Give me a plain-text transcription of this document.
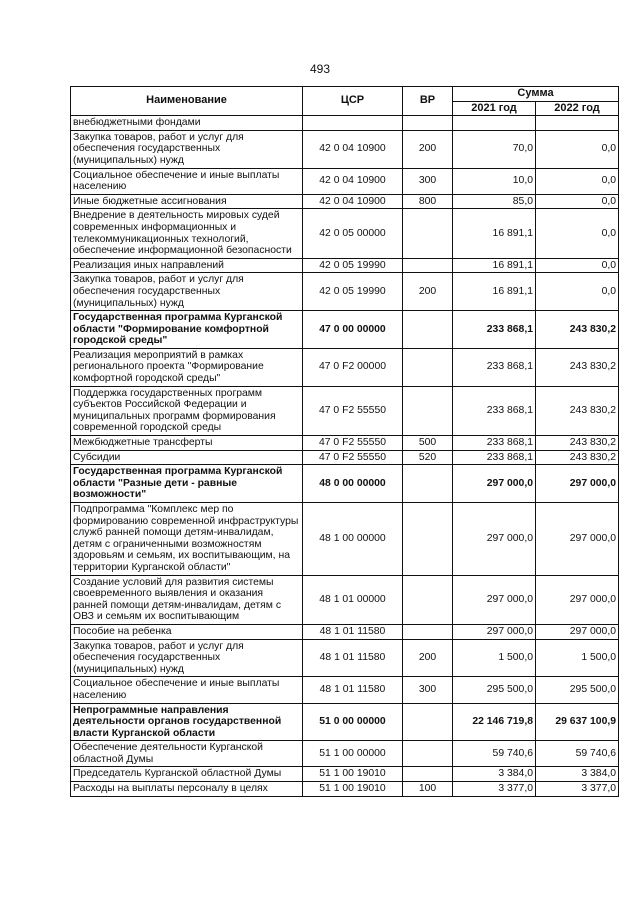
493
Наименование	ЦСР	ВР	Сумма	
			2021 год	2022 год
внебюджетными фондами				
Закупка товаров, работ и услуг для обеспечения государственных (муниципальных) нужд	42 0 04 10900	200	70,0	0,0
Социальное обеспечение и иные выплаты населению	42 0 04 10900	300	10,0	0,0
Иные бюджетные ассигнования	42 0 04 10900	800	85,0	0,0
Внедрение в деятельность мировых судей современных информационных и телекоммуникационных технологий, обеспечение информационной безопасности	42 0 05 00000		16 891,1	0,0
Реализация иных направлений	42 0 05 19990		16 891,1	0,0
Закупка товаров, работ и услуг для обеспечения государственных (муниципальных) нужд	42 0 05 19990	200	16 891,1	0,0
Государственная программа Курганской области "Формирование комфортной городской среды"	47 0 00 00000		233 868,1	243 830,2
Реализация мероприятий в рамках регионального проекта "Формирование комфортной городской среды"	47 0 F2 00000		233 868,1	243 830,2
Поддержка государственных программ субъектов Российской Федерации и муниципальных программ формирования современной городской среды	47 0 F2 55550		233 868,1	243 830,2
Межбюджетные трансферты	47 0 F2 55550	500	233 868,1	243 830,2
Субсидии	47 0 F2 55550	520	233 868,1	243 830,2
Государственная программа Курганской области "Разные дети - равные возможности"	48 0 00 00000		297 000,0	297 000,0
Подпрограмма "Комплекс мер по формированию современной инфраструктуры служб ранней помощи детям-инвалидам, детям с ограниченными возможностям здоровьям и семьям, их воспитывающим, на территории Курганской области"	48 1 00 00000		297 000,0	297 000,0
Создание условий для развития системы своевременного выявления и оказания ранней помощи детям-инвалидам, детям с ОВЗ и семьям их воспитывающим	48 1 01 00000		297 000,0	297 000,0
Пособие на ребенка	48 1 01 11580		297 000,0	297 000,0
Закупка товаров, работ и услуг для обеспечения государственных (муниципальных) нужд	48 1 01 11580	200	1 500,0	1 500,0
Социальное обеспечение и иные выплаты населению	48 1 01 11580	300	295 500,0	295 500,0
Непрограммные направления деятельности органов государственной власти Курганской области	51 0 00 00000		22 146 719,8	29 637 100,9
Обеспечение деятельности Курганской областной Думы	51 1 00 00000		59 740,6	59 740,6
Председатель Курганской областной Думы	51 1 00 19010		3 384,0	3 384,0
Расходы на выплаты персоналу в целях	51 1 00 19010	100	3 377,0	3 377,0
